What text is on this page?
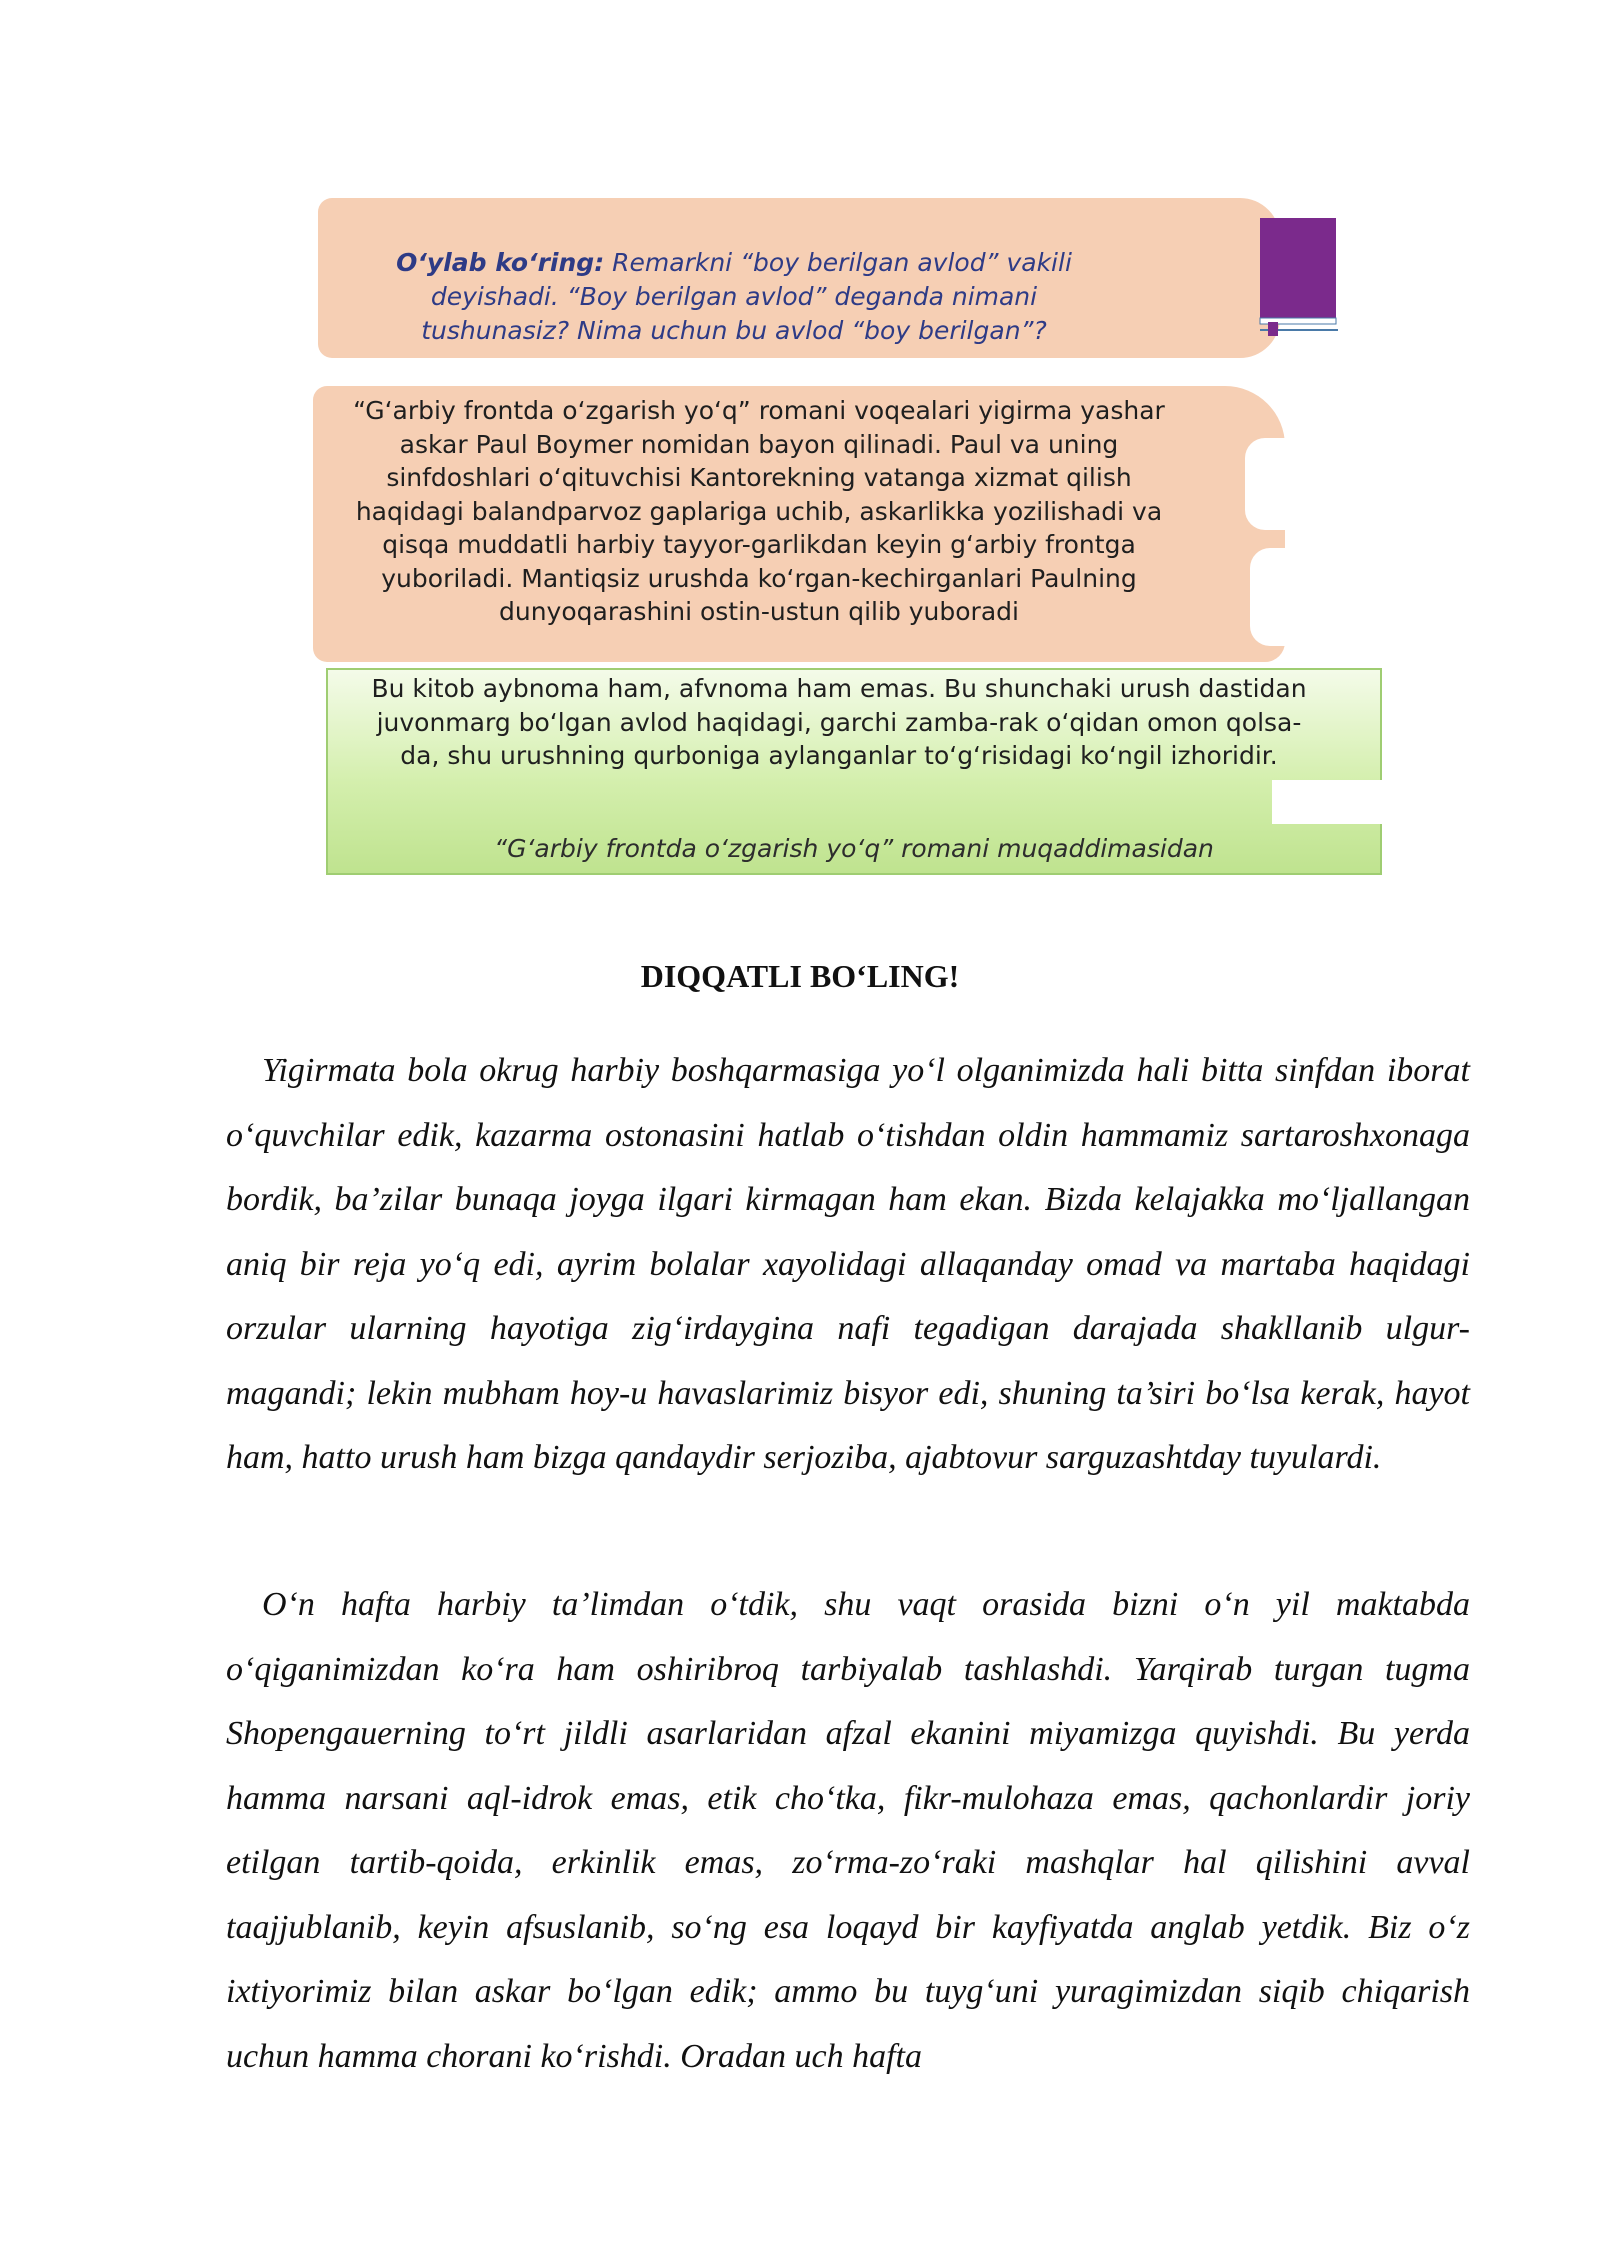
O‘ylab ko‘ring: Remarkni “boy berilgan avlod” vakili deyishadi. “Boy berilgan avlod” deganda nimani tushunasiz? Nima uchun bu avlod “boy berilgan”?
“G‘arbiy frontda o‘zgarish yo‘q” romani voqealari yigirma yashar askar Paul Boymer nomidan bayon qilinadi. Paul va uning sinfdoshlari o‘qituvchisi Kantorekning vatanga xizmat qilish haqidagi balandparvoz gaplariga uchib, askarlikka yozilishadi va qisqa muddatli harbiy tayyor-garlikdan keyin g‘arbiy frontga yuboriladi. Mantiqsiz urushda ko‘rgan-kechirganlari Paulning dunyoqarashini ostin-ustun qilib yuboradi
Bu kitob aybnoma ham, afvnoma ham emas. Bu shunchaki urush dastidan juvonmarg bo‘lgan avlod haqidagi, garchi zamba-rak o‘qidan omon qolsa-da, shu urushning qurboniga aylanganlar to‘g‘risidagi ko‘ngil izhoridir.
“G‘arbiy frontda o‘zgarish yo‘q” romani muqaddimasidan
DIQQATLI BO‘LING!

Yigirmata bola okrug harbiy boshqarmasiga yo‘l olganimizda hali bitta sinfdan iborat o‘quvchilar edik, kazarma ostonasini hatlab o‘tishdan oldin hammamiz sartaroshxonaga bordik, ba’zilar bunaqa joyga ilgari kirmagan ham ekan. Bizda kelajakka mo‘ljallangan aniq bir reja yo‘q edi, ayrim bolalar xayolidagi allaqanday omad va martaba haqidagi orzular ularning hayotiga zig‘irdaygina nafi tegadigan darajada shakllanib ulgur-magandi; lekin mubham hoy-u havaslarimiz bisyor edi, shuning ta’siri bo‘lsa kerak, hayot ham, hatto urush ham bizga qandaydir serjoziba, ajabtovur sarguzashtday tuyulardi.

O‘n hafta harbiy ta’limdan o‘tdik, shu vaqt orasida bizni o‘n yil maktabda o‘qiganimizdan ko‘ra ham oshiribroq tarbiyalab tashlashdi. Yarqirab turgan tugma Shopengauerning to‘rt jildli asarlaridan afzal ekanini miyamizga quyishdi. Bu yerda hamma narsani aql-idrok emas, etik cho‘tka, fikr-mulohaza emas, qachonlardir joriy etilgan tartib-qoida, erkinlik emas, zo‘rma-zo‘raki mashqlar hal qilishini avval taajjublanib, keyin afsuslanib, so‘ng esa loqayd bir kayfiyatda anglab yetdik. Biz o‘z ixtiyorimiz bilan askar bo‘lgan edik; ammo bu tuyg‘uni yuragimizdan siqib chiqarish uchun hamma chorani ko‘rishdi. Oradan uch hafta
